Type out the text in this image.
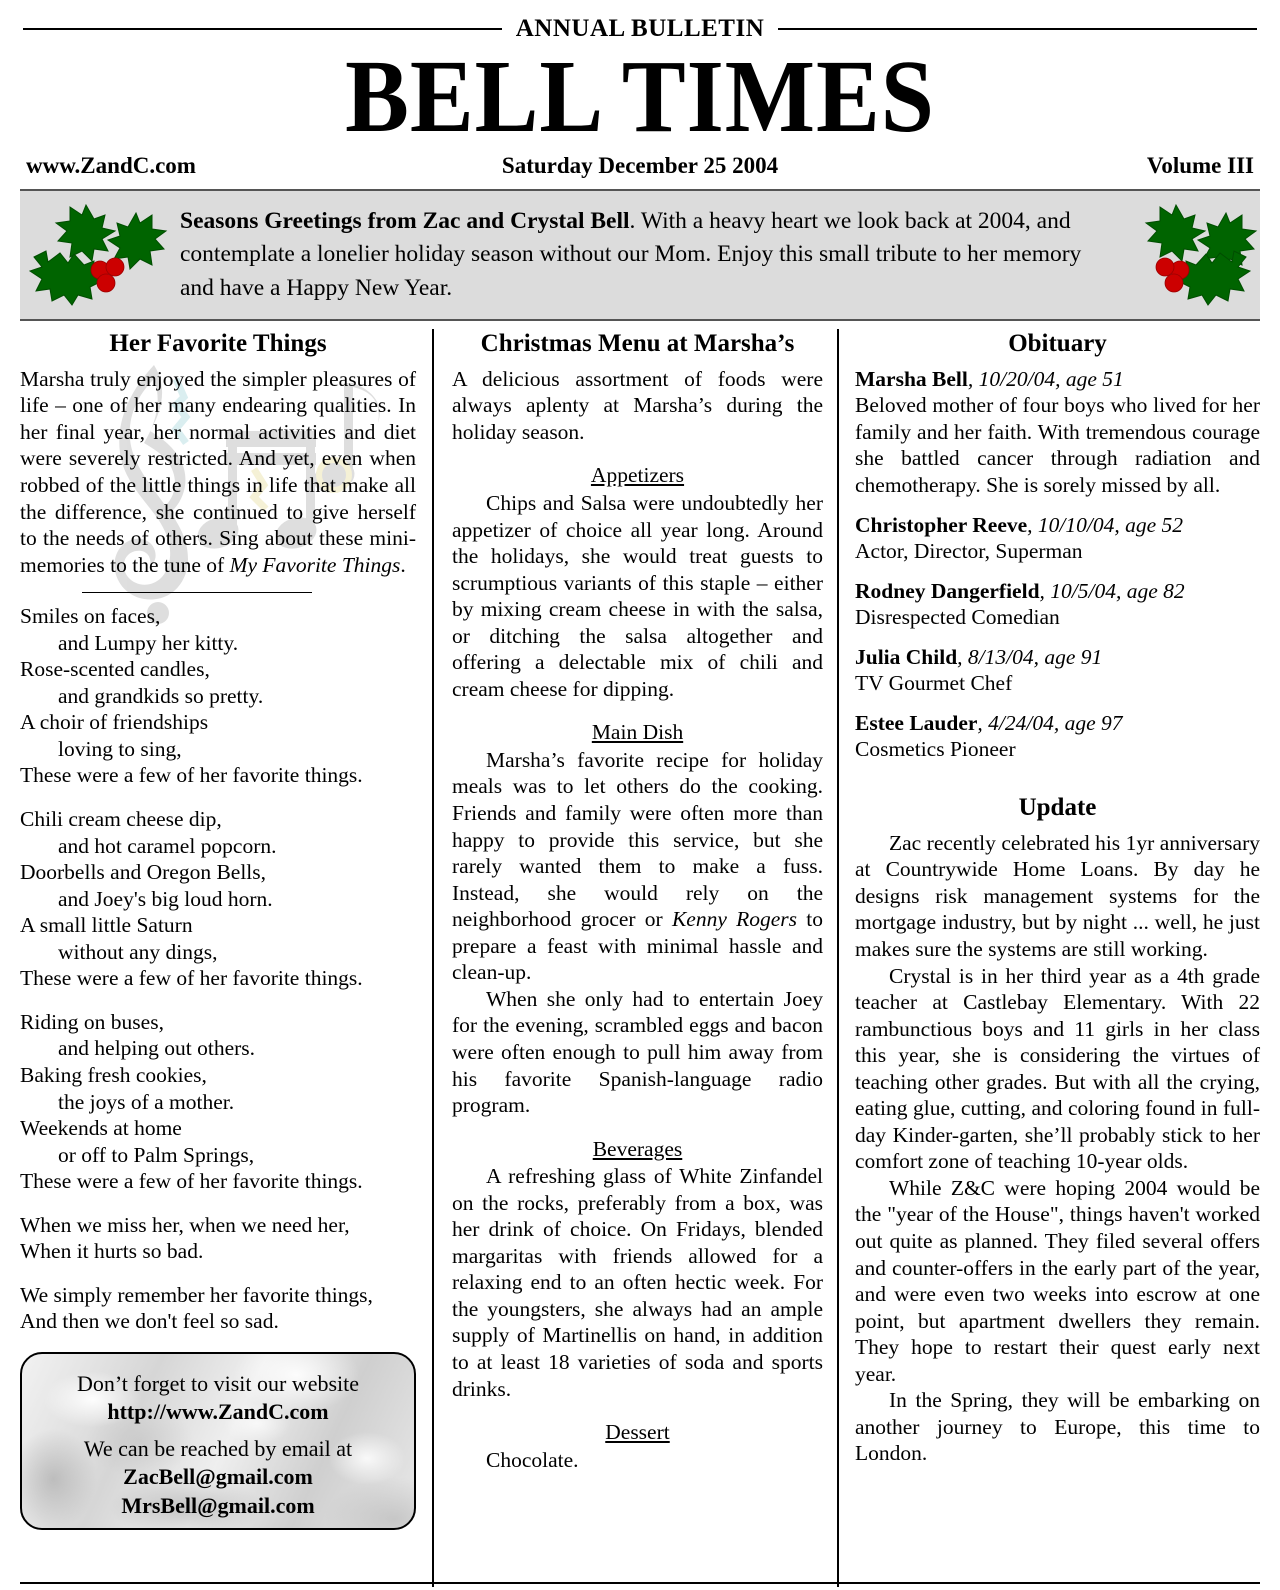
ANNUAL BULLETIN
BELL TIMES
www.ZandC.com	Saturday December 25 2004	Volume III
Seasons Greetings from Zac and Crystal Bell. With a heavy heart we look back at 2004, and contemplate a lonelier holiday season without our Mom. Enjoy this small tribute to her memory and have a Happy New Year.
Her Favorite Things

Marsha truly enjoyed the simpler pleasures of life – one of her many endearing qualities. In her final year, her normal activities and diet were severely restricted. And yet, even when robbed of the little things in life that make all the difference, she continued to give herself to the needs of others. Sing about these mini-memories to the tune of My Favorite Things.

Smiles on faces,
and Lumpy her kitty.
Rose-scented candles,
and grandkids so pretty.
A choir of friendships
loving to sing,
These were a few of her favorite things.
Chili cream cheese dip,
and hot caramel popcorn.
Doorbells and Oregon Bells,
and Joey's big loud horn.
A small little Saturn
without any dings,
These were a few of her favorite things.
Riding on buses,
and helping out others.
Baking fresh cookies,
the joys of a mother.
Weekends at home
or off to Palm Springs,
These were a few of her favorite things.
When we miss her, when we need her,
When it hurts so bad.
We simply remember her favorite things,
And then we don't feel so sad.
Don’t forget to visit our website
http://www.ZandC.com
We can be reached by email at
ZacBell@gmail.com
MrsBell@gmail.com
Christmas Menu at Marsha’s

A delicious assortment of foods were always aplenty at Marsha’s during the holiday season.

Appetizers

Chips and Salsa were undoubtedly her appetizer of choice all year long. Around the holidays, she would treat guests to scrumptious variants of this staple – either by mixing cream cheese in with the salsa, or ditching the salsa altogether and offering a delectable mix of chili and cream cheese for dipping.

Main Dish

Marsha’s favorite recipe for holiday meals was to let others do the cooking. Friends and family were often more than happy to provide this service, but she rarely wanted them to make a fuss. Instead, she would rely on the neighborhood grocer or Kenny Rogers to prepare a feast with minimal hassle and clean-up.

When she only had to entertain Joey for the evening, scrambled eggs and bacon were often enough to pull him away from his favorite Spanish-language radio program.

Beverages

A refreshing glass of White Zinfandel on the rocks, preferably from a box, was her drink of choice. On Fridays, blended margaritas with friends allowed for a relaxing end to an often hectic week. For the youngsters, she always had an ample supply of Martinellis on hand, in addition to at least 18 varieties of soda and sports drinks.

Dessert

Chocolate.

Obituary
Marsha Bell, 10/20/04, age 51
Beloved mother of four boys who lived for her family and her faith. With tremendous courage she battled cancer through radiation and chemotherapy. She is sorely missed by all.
Christopher Reeve, 10/10/04, age 52
Actor, Director, Superman
Rodney Dangerfield, 10/5/04, age 82
Disrespected Comedian
Julia Child, 8/13/04, age 91
TV Gourmet Chef
Estee Lauder, 4/24/04, age 97
Cosmetics Pioneer
Update

Zac recently celebrated his 1yr anniversary at Countrywide Home Loans. By day he designs risk management systems for the mortgage industry, but by night ... well, he just makes sure the systems are still working.

Crystal is in her third year as a 4th grade teacher at Castlebay Elementary. With 22 rambunctious boys and 11 girls in her class this year, she is considering the virtues of teaching other grades. But with all the crying, eating glue, cutting, and coloring found in full-day Kinder-garten, she’ll probably stick to her comfort zone of teaching 10-year olds.

While Z&C were hoping 2004 would be the "year of the House", things haven't worked out quite as planned. They filed several offers and counter-offers in the early part of the year, and were even two weeks into escrow at one point, but apartment dwellers they remain. They hope to restart their quest early next year.

In the Spring, they will be embarking on another journey to Europe, this time to London.
